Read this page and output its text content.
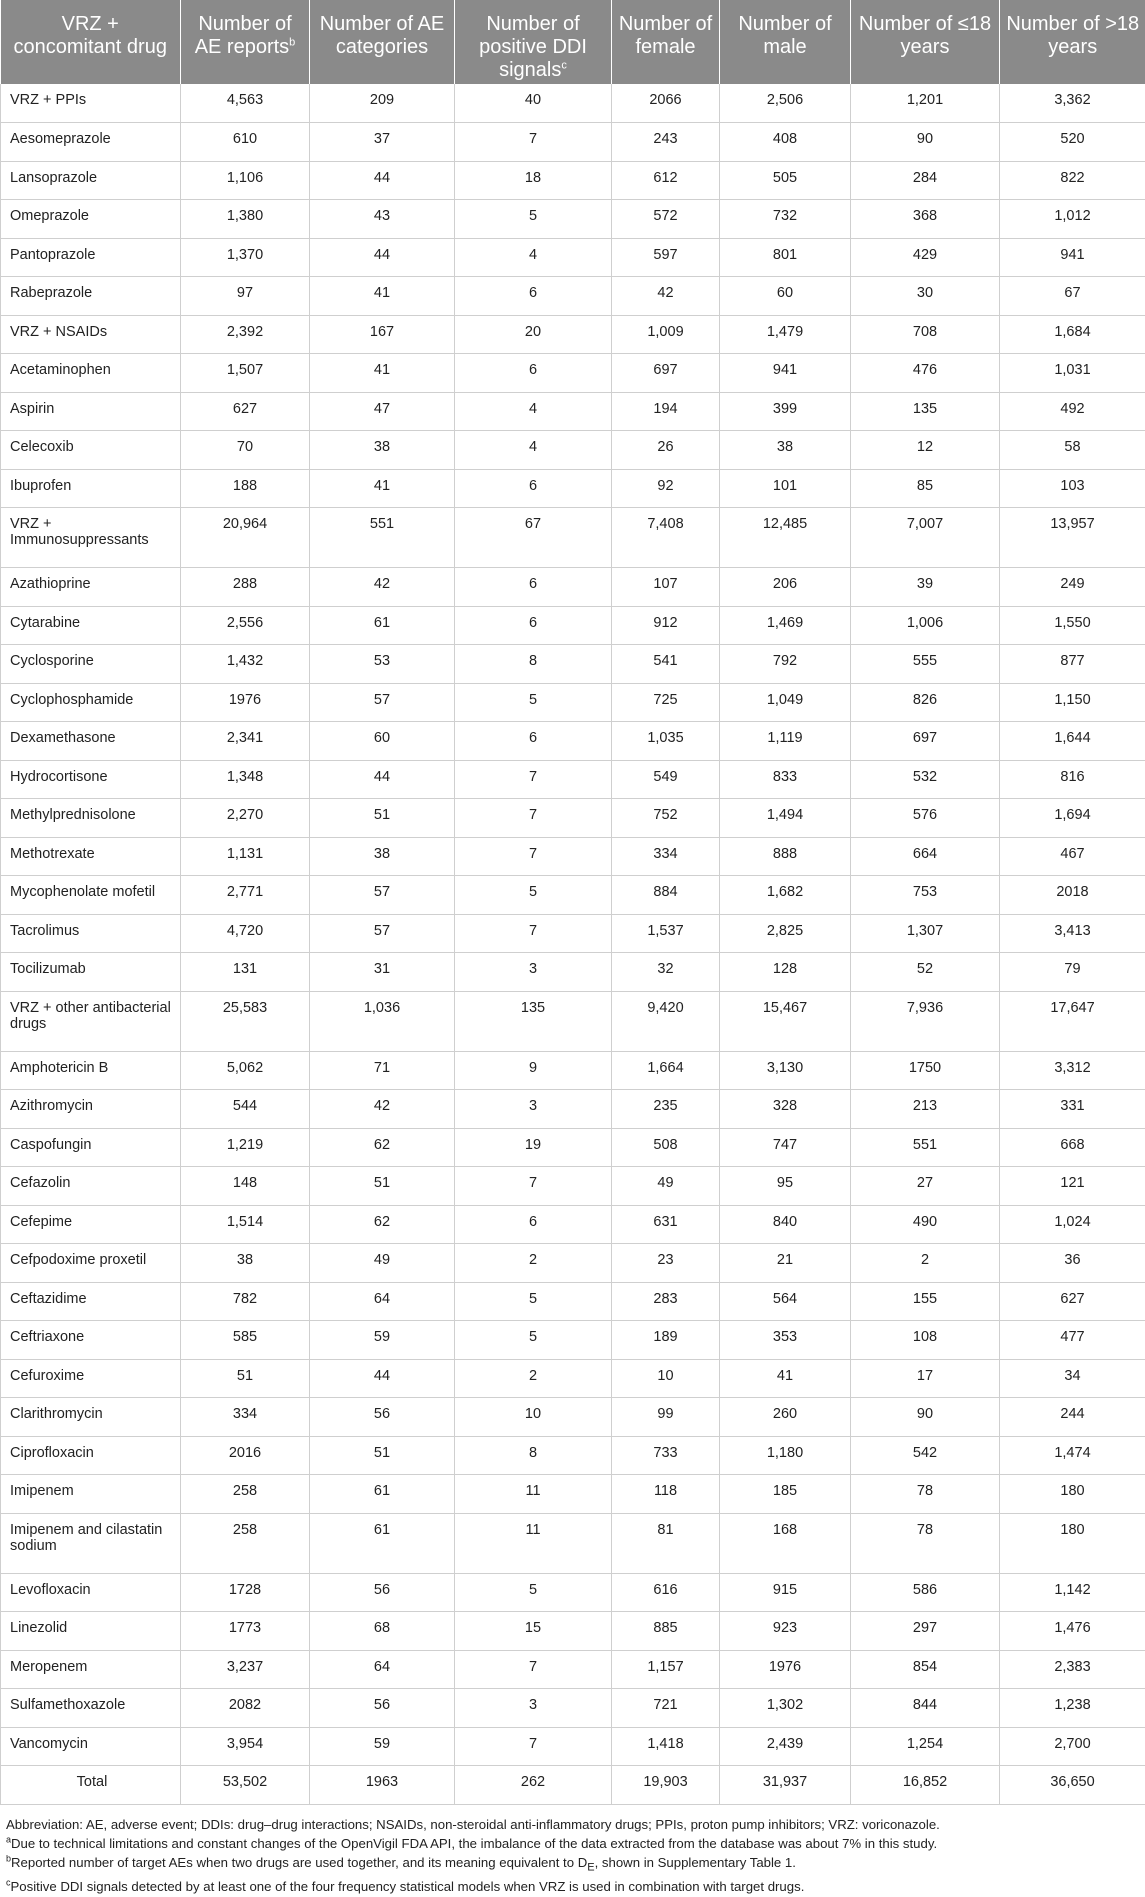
VRZ + concomitant drug	Number of AE reports$^b$	Number of AE categories	Number of positive DDI signals$^c$	Number of female	Number of male	Number of ≤18 years	Number of >18 years
VRZ + PPIs	4,563	209	40	2066	2,506	1,201	3,362
Aesomeprazole	610	37	7	243	408	90	520
Lansoprazole	1,106	44	18	612	505	284	822
Omeprazole	1,380	43	5	572	732	368	1,012
Pantoprazole	1,370	44	4	597	801	429	941
Rabeprazole	97	41	6	42	60	30	67
VRZ + NSAIDs	2,392	167	20	1,009	1,479	708	1,684
Acetaminophen	1,507	41	6	697	941	476	1,031
Aspirin	627	47	4	194	399	135	492
Celecoxib	70	38	4	26	38	12	58
Ibuprofen	188	41	6	92	101	85	103
VRZ + Immunosuppressants	20,964	551	67	7,408	12,485	7,007	13,957
Azathioprine	288	42	6	107	206	39	249
Cytarabine	2,556	61	6	912	1,469	1,006	1,550
Cyclosporine	1,432	53	8	541	792	555	877
Cyclophosphamide	1976	57	5	725	1,049	826	1,150
Dexamethasone	2,341	60	6	1,035	1,119	697	1,644
Hydrocortisone	1,348	44	7	549	833	532	816
Methylprednisolone	2,270	51	7	752	1,494	576	1,694
Methotrexate	1,131	38	7	334	888	664	467
Mycophenolate mofetil	2,771	57	5	884	1,682	753	2018
Tacrolimus	4,720	57	7	1,537	2,825	1,307	3,413
Tocilizumab	131	31	3	32	128	52	79
VRZ + other antibacterial drugs	25,583	1,036	135	9,420	15,467	7,936	17,647
Amphotericin B	5,062	71	9	1,664	3,130	1750	3,312
Azithromycin	544	42	3	235	328	213	331
Caspofungin	1,219	62	19	508	747	551	668
Cefazolin	148	51	7	49	95	27	121
Cefepime	1,514	62	6	631	840	490	1,024
Cefpodoxime proxetil	38	49	2	23	21	2	36
Ceftazidime	782	64	5	283	564	155	627
Ceftriaxone	585	59	5	189	353	108	477
Cefuroxime	51	44	2	10	41	17	34
Clarithromycin	334	56	10	99	260	90	244
Ciprofloxacin	2016	51	8	733	1,180	542	1,474
Imipenem	258	61	11	118	185	78	180
Imipenem and cilastatin sodium	258	61	11	81	168	78	180
Levofloxacin	1728	56	5	616	915	586	1,142
Linezolid	1773	68	15	885	923	297	1,476
Meropenem	3,237	64	7	1,157	1976	854	2,383
Sulfamethoxazole	2082	56	3	721	1,302	844	1,238
Vancomycin	3,954	59	7	1,418	2,439	1,254	2,700
Total	53,502	1963	262	19,903	31,937	16,852	36,650

Abbreviation: AE, adverse event; DDIs: drug–drug interactions; NSAIDs, non-steroidal anti-inflammatory drugs; PPIs, proton pump inhibitors; VRZ: voriconazole.

$^a$Due to technical limitations and constant changes of the OpenVigil FDA API, the imbalance of the data extracted from the database was about 7% in this study.

$^b$Reported number of target AEs when two drugs are used together, and its meaning equivalent to $D_E$, shown in Supplementary Table 1.

$^c$Positive DDI signals detected by at least one of the four frequency statistical models when VRZ is used in combination with target drugs.
